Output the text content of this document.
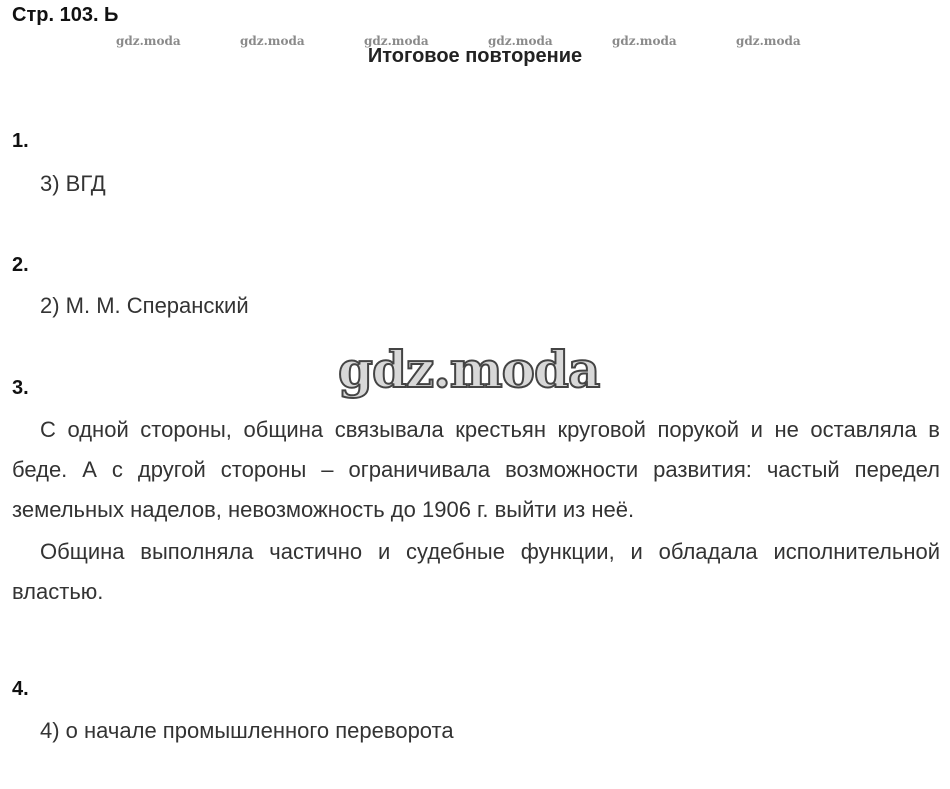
Стр. 103. Ь
gdz.moda	gdz.moda	gdz.moda	gdz.moda	gdz.moda	gdz.moda
Итоговое повторение
1.
3) ВГД
2.
2) М. М. Сперанский
gdz.moda
3.

С одной стороны, община связывала крестьян круговой порукой и не оставляла в беде. А с другой стороны – ограничивала возможности развития: частый передел земельных наделов, невозможность до 1906 г. выйти из неё.

Община выполняла частично и судебные функции, и обладала исполнительной властью.

4.
4) о начале промышленного переворота
